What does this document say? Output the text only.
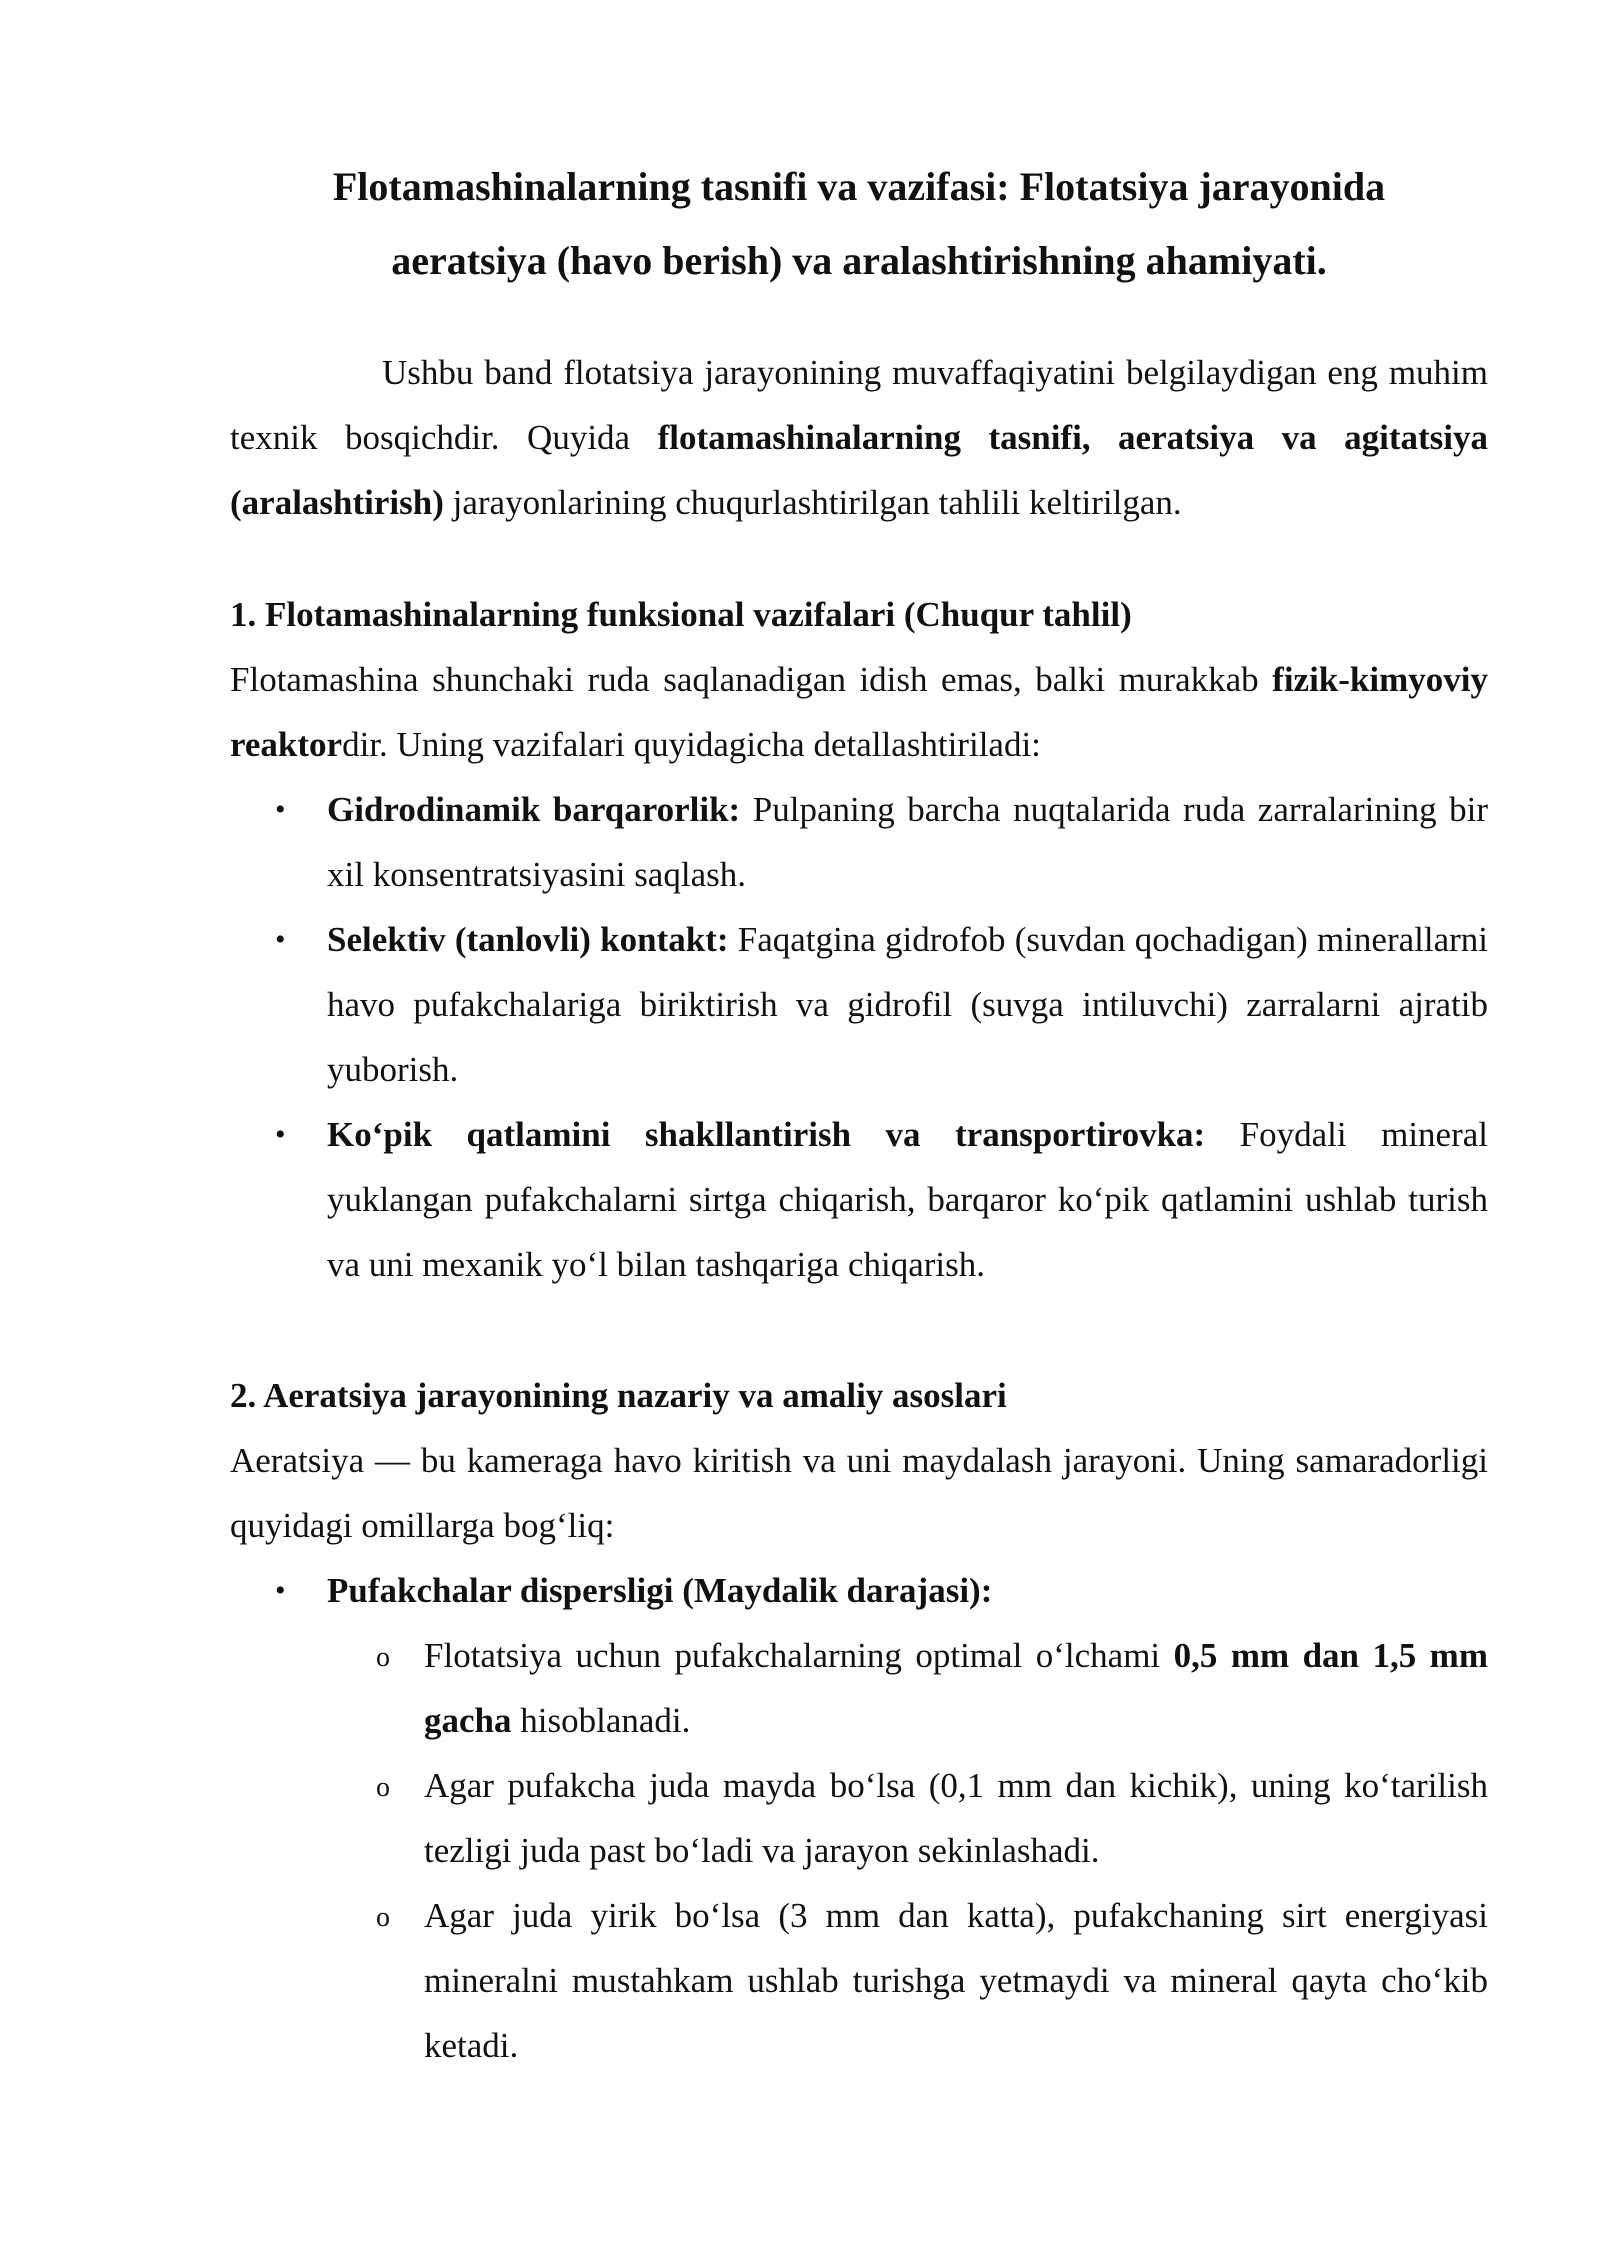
Flotamashinalarning tasnifi va vazifasi: Flotatsiya jarayonida
aeratsiya (havo berish) va aralashtirishning ahamiyati.

Ushbu band flotatsiya jarayonining muvaffaqiyatini belgilaydigan eng muhim texnik bosqichdir. Quyida flotamashinalarning tasnifi, aeratsiya va agitatsiya (aralashtirish) jarayonlarining chuqurlashtirilgan tahlili keltirilgan.

1. Flotamashinalarning funksional vazifalari (Chuqur tahlil)

Flotamashina shunchaki ruda saqlanadigan idish emas, balki murakkab fizik-kimyoviy reaktordir. Uning vazifalari quyidagicha detallashtiriladi:

• Gidrodinamik barqarorlik: Pulpaning barcha nuqtalarida ruda zarralarining bir xil konsentratsiyasini saqlash.
• Selektiv (tanlovli) kontakt: Faqatgina gidrofob (suvdan qochadigan) minerallarni havo pufakchalariga biriktirish va gidrofil (suvga intiluvchi) zarralarni ajratib yuborish.
• Ko‘pik qatlamini shakllantirish va transportirovka: Foydali mineral yuklangan pufakchalarni sirtga chiqarish, barqaror ko‘pik qatlamini ushlab turish va uni mexanik yo‘l bilan tashqariga chiqarish.
2. Aeratsiya jarayonining nazariy va amaliy asoslari

Aeratsiya — bu kameraga havo kiritish va uni maydalash jarayoni. Uning samaradorligi quyidagi omillarga bog‘liq:

• Pufakchalar dispersligi (Maydalik darajasi):
o Flotatsiya uchun pufakchalarning optimal o‘lchami 0,5 mm dan 1,5 mm gacha hisoblanadi.
o Agar pufakcha juda mayda bo‘lsa (0,1 mm dan kichik), uning ko‘tarilish tezligi juda past bo‘ladi va jarayon sekinlashadi.
o Agar juda yirik bo‘lsa (3 mm dan katta), pufakchaning sirt energiyasi mineralni mustahkam ushlab turishga yetmaydi va mineral qayta cho‘kib ketadi.
